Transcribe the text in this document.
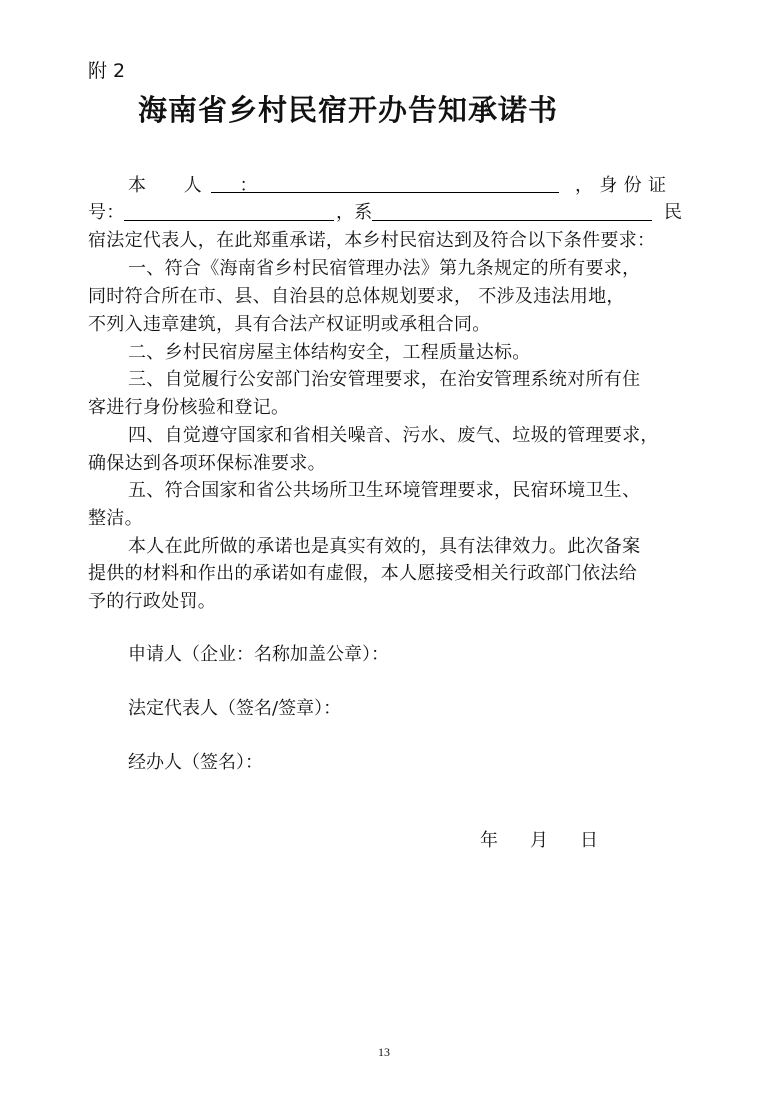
附 2
海南省乡村民宿开办告知承诺书
本 人 ：	， 身 份 证
号：	，系	民
宿法定代表人，在此郑重承诺，本乡村民宿达到及符合以下条件要求：
一、符合《海南省乡村民宿管理办法》第九条规定的所有要求，
同时符合所在市、县、自治县的总体规划要求， 不涉及违法用地，
不列入违章建筑，具有合法产权证明或承租合同。
二、乡村民宿房屋主体结构安全，工程质量达标。
三、自觉履行公安部门治安管理要求，在治安管理系统对所有住
客进行身份核验和登记。
四、自觉遵守国家和省相关噪音、污水、废气、垃圾的管理要求，
确保达到各项环保标准要求。
五、符合国家和省公共场所卫生环境管理要求，民宿环境卫生、
整洁。
本人在此所做的承诺也是真实有效的，具有法律效力。此次备案
提供的材料和作出的承诺如有虚假，本人愿接受相关行政部门依法给
予的行政处罚。
申请人（企业：名称加盖公章）：
法定代表人（签名/签章）：
经办人（签名）：
年 月 日
13
